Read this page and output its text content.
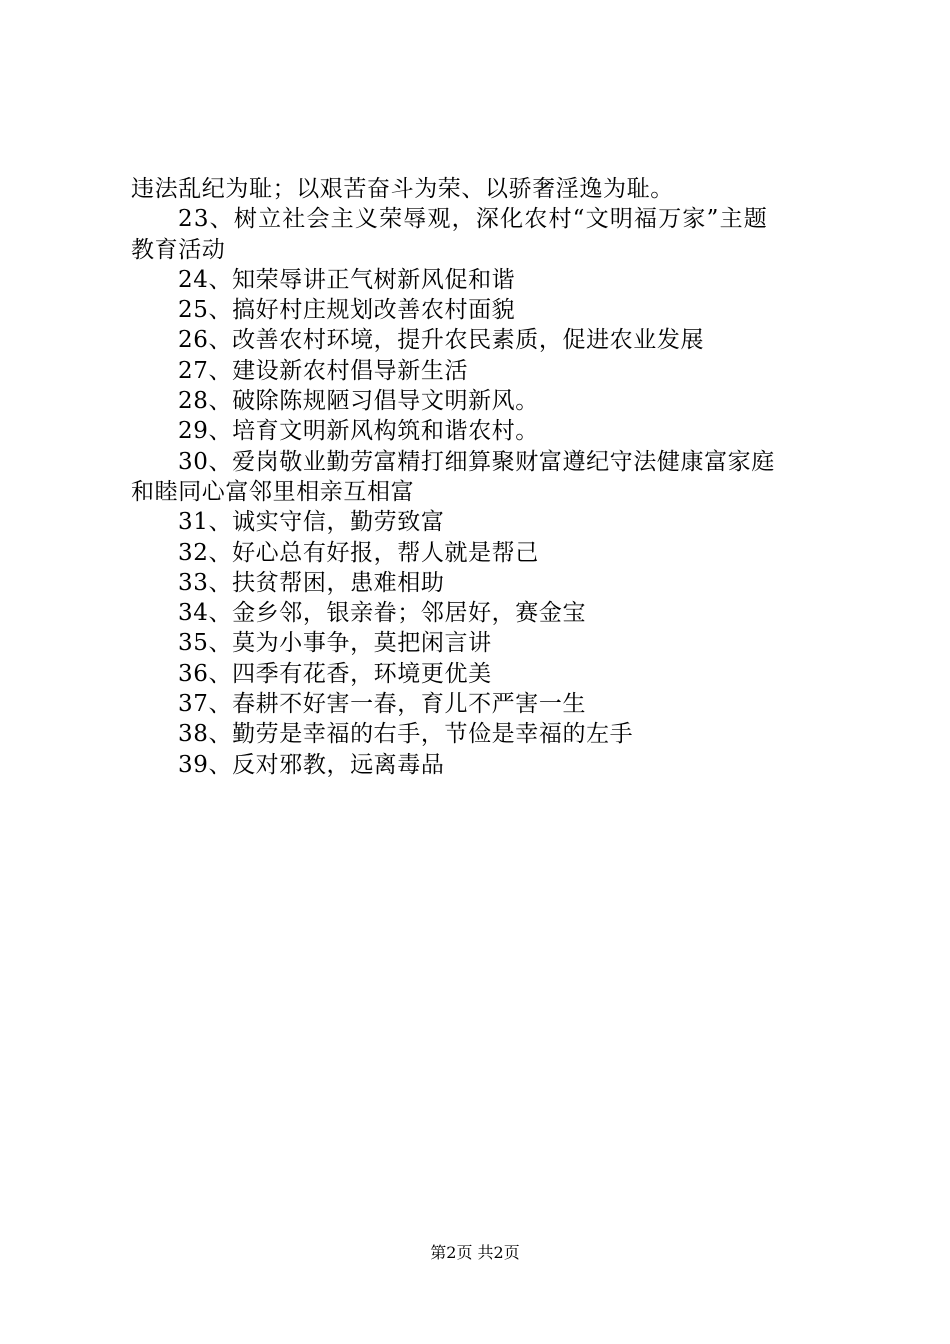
违法乱纪为耻；以艰苦奋斗为荣、以骄奢淫逸为耻。
23、树立社会主义荣辱观，深化农村“文明福万家”主题
教育活动
24、知荣辱讲正气树新风促和谐
25、搞好村庄规划改善农村面貌
26、改善农村环境，提升农民素质，促进农业发展
27、建设新农村倡导新生活
28、破除陈规陋习倡导文明新风。
29、培育文明新风构筑和谐农村。
30、爱岗敬业勤劳富精打细算聚财富遵纪守法健康富家庭
和睦同心富邻里相亲互相富
31、诚实守信，勤劳致富
32、好心总有好报，帮人就是帮己
33、扶贫帮困，患难相助
34、金乡邻，银亲眷；邻居好，赛金宝
35、莫为小事争，莫把闲言讲
36、四季有花香，环境更优美
37、春耕不好害一春，育儿不严害一生
38、勤劳是幸福的右手，节俭是幸福的左手
39、反对邪教，远离毒品
第2页 共2页
